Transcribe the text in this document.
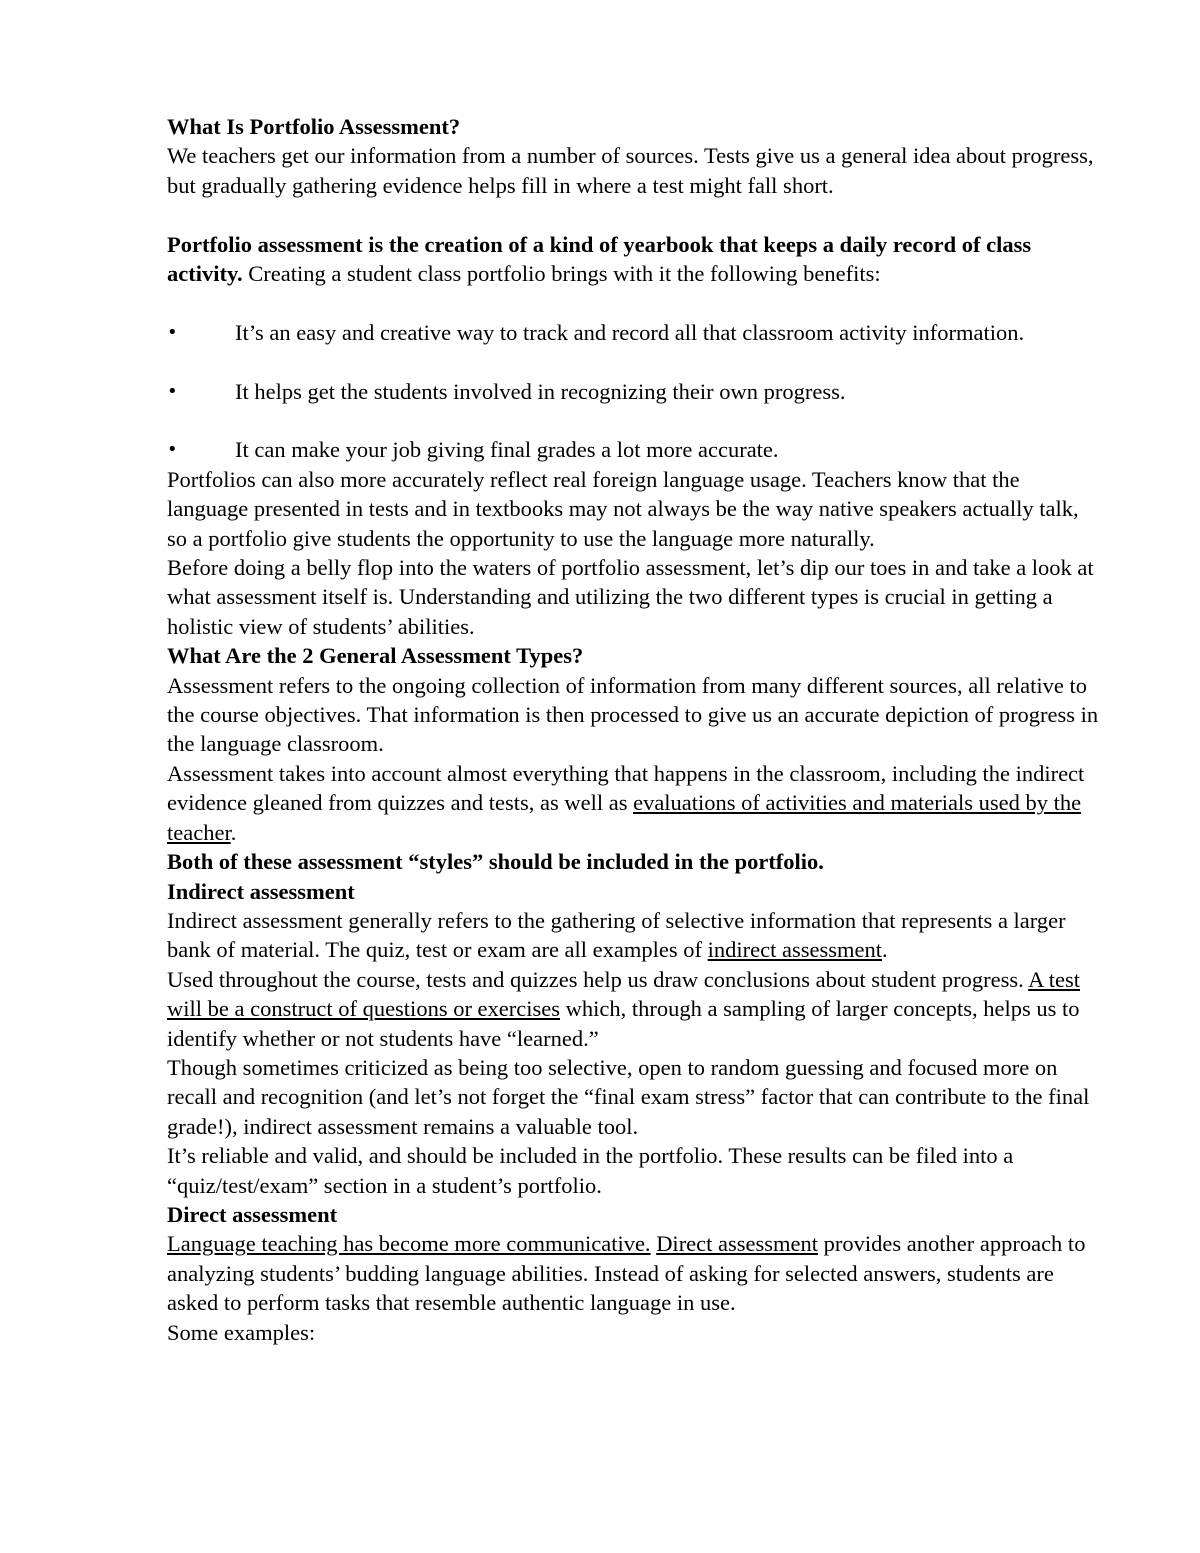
What Is Portfolio Assessment?

We teachers get our information from a number of sources. Tests give us a general idea about progress, but gradually gathering evidence helps fill in where a test might fall short.

Portfolio assessment is the creation of a kind of yearbook that keeps a daily record of class activity. Creating a student class portfolio brings with it the following benefits:

•	It’s an easy and creative way to track and record all that classroom activity information.
•	It helps get the students involved in recognizing their own progress.
•	It can make your job giving final grades a lot more accurate.

Portfolios can also more accurately reflect real foreign language usage. Teachers know that the language presented in tests and in textbooks may not always be the way native speakers actually talk, so a portfolio give students the opportunity to use the language more naturally.

Before doing a belly flop into the waters of portfolio assessment, let’s dip our toes in and take a look at what assessment itself is. Understanding and utilizing the two different types is crucial in getting a holistic view of students’ abilities.

What Are the 2 General Assessment Types?

Assessment refers to the ongoing collection of information from many different sources, all relative to the course objectives. That information is then processed to give us an accurate depiction of progress in the language classroom.

Assessment takes into account almost everything that happens in the classroom, including the indirect evidence gleaned from quizzes and tests, as well as evaluations of activities and materials used by the teacher.

Both of these assessment “styles” should be included in the portfolio.

Indirect assessment

Indirect assessment generally refers to the gathering of selective information that represents a larger bank of material. The quiz, test or exam are all examples of indirect assessment.

Used throughout the course, tests and quizzes help us draw conclusions about student progress. A test will be a construct of questions or exercises which, through a sampling of larger concepts, helps us to identify whether or not students have “learned.”

Though sometimes criticized as being too selective, open to random guessing and focused more on recall and recognition (and let’s not forget the “final exam stress” factor that can contribute to the final grade!), indirect assessment remains a valuable tool.

It’s reliable and valid, and should be included in the portfolio. These results can be filed into a “quiz/test/exam” section in a student’s portfolio.

Direct assessment

Language teaching has become more communicative. Direct assessment provides another approach to analyzing students’ budding language abilities. Instead of asking for selected answers, students are asked to perform tasks that resemble authentic language in use.

Some examples:
